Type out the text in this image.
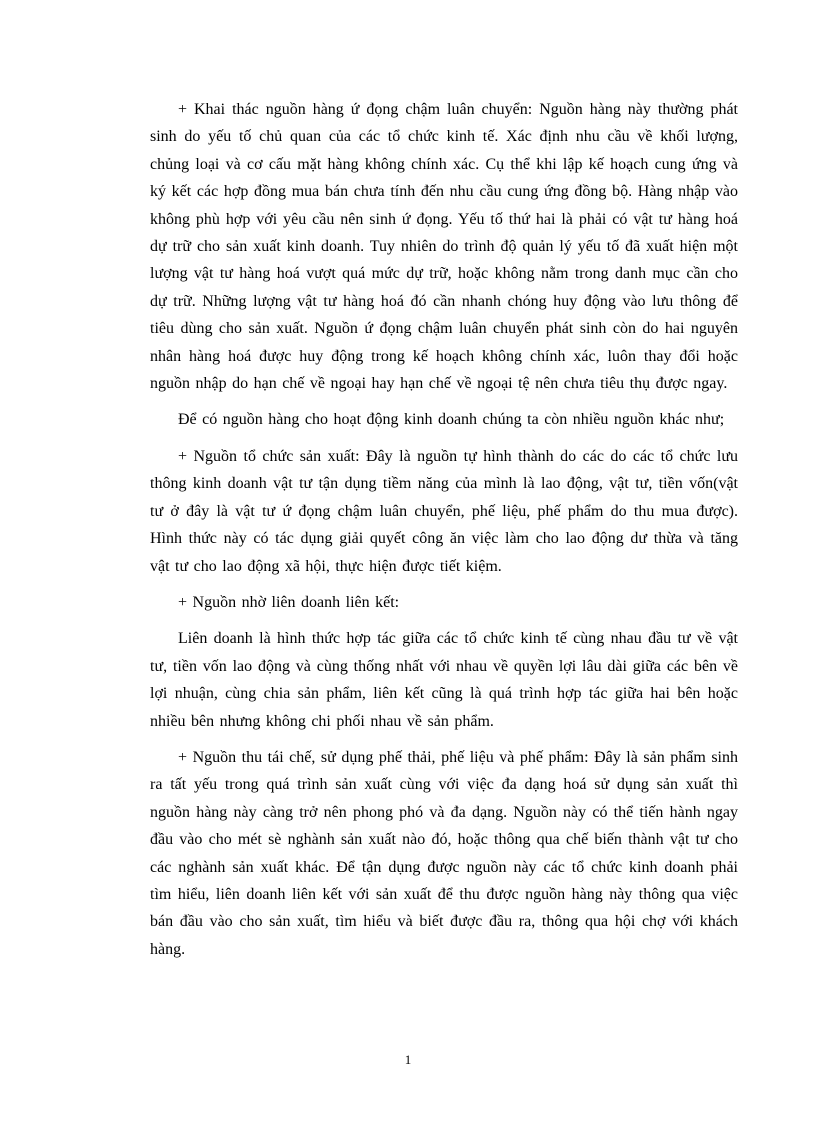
+ Khai thác nguồn hàng ứ đọng chậm luân chuyển: Nguồn hàng này thường phát sinh do yếu tố chủ quan của các tổ chức kinh tế. Xác định nhu cầu về khối lượng, chủng loại và cơ cấu mặt hàng không chính xác. Cụ thể khi lập kế hoạch cung ứng và ký kết các hợp đồng mua bán chưa tính đến nhu cầu cung ứng đồng bộ. Hàng nhập vào không phù hợp với yêu cầu nên sinh ứ đọng. Yếu tố thứ hai là phải có vật tư hàng hoá dự trữ cho sản xuất kinh doanh. Tuy nhiên do trình độ quản lý yếu tố đã xuất hiện một lượng vật tư hàng hoá vượt quá mức dự trữ, hoặc không nằm trong danh mục cần cho dự trữ. Những lượng vật tư hàng hoá đó cần nhanh chóng huy động vào lưu thông để tiêu dùng cho sản xuất. Nguồn ứ đọng chậm luân chuyển phát sinh còn do hai nguyên nhân hàng hoá được huy động trong kế hoạch không chính xác, luôn thay đổi hoặc nguồn nhập do hạn chế về ngoại hay hạn chế về ngoại tệ nên chưa tiêu thụ được ngay.

Để có nguồn hàng cho hoạt động kinh doanh chúng ta còn nhiều nguồn khác như;

+ Nguồn tổ chức sản xuất: Đây là nguồn tự hình thành do các do các tổ chức lưu thông kinh doanh vật tư tận dụng tiềm năng của mình là lao động, vật tư, tiền vốn(vật tư ở đây là vật tư ứ đọng chậm luân chuyển, phế liệu, phế phẩm do thu mua được). Hình thức này có tác dụng giải quyết công ăn việc làm cho lao động dư thừa và tăng vật tư cho lao động xã hội, thực hiện được tiết kiệm.

+ Nguồn nhờ liên doanh liên kết:

Liên doanh là hình thức hợp tác giữa các tổ chức kinh tế cùng nhau đầu tư về vật tư, tiền vốn lao động và cùng thống nhất với nhau về quyền lợi lâu dài giữa các bên về lợi nhuận, cùng chia sản phẩm, liên kết cũng là quá trình hợp tác giữa hai bên hoặc nhiều bên nhưng không chi phối nhau về sản phẩm.

+ Nguồn thu tái chế, sử dụng phế thải, phế liệu và phế phẩm: Đây là sản phẩm sinh ra tất yếu trong quá trình sản xuất cùng với việc đa dạng hoá sử dụng sản xuất thì nguồn hàng này càng trở nên phong phó và đa dạng. Nguồn này có thể tiến hành ngay đầu vào cho mét sè nghành sản xuất nào đó, hoặc thông qua chế biến thành vật tư cho các nghành sản xuất khác. Để tận dụng được nguồn này các tổ chức kinh doanh phải tìm hiểu, liên doanh liên kết với sản xuất để thu được nguồn hàng này thông qua việc bán đầu vào cho sản xuất, tìm hiểu và biết được đầu ra, thông qua hội chợ với khách hàng.

1
